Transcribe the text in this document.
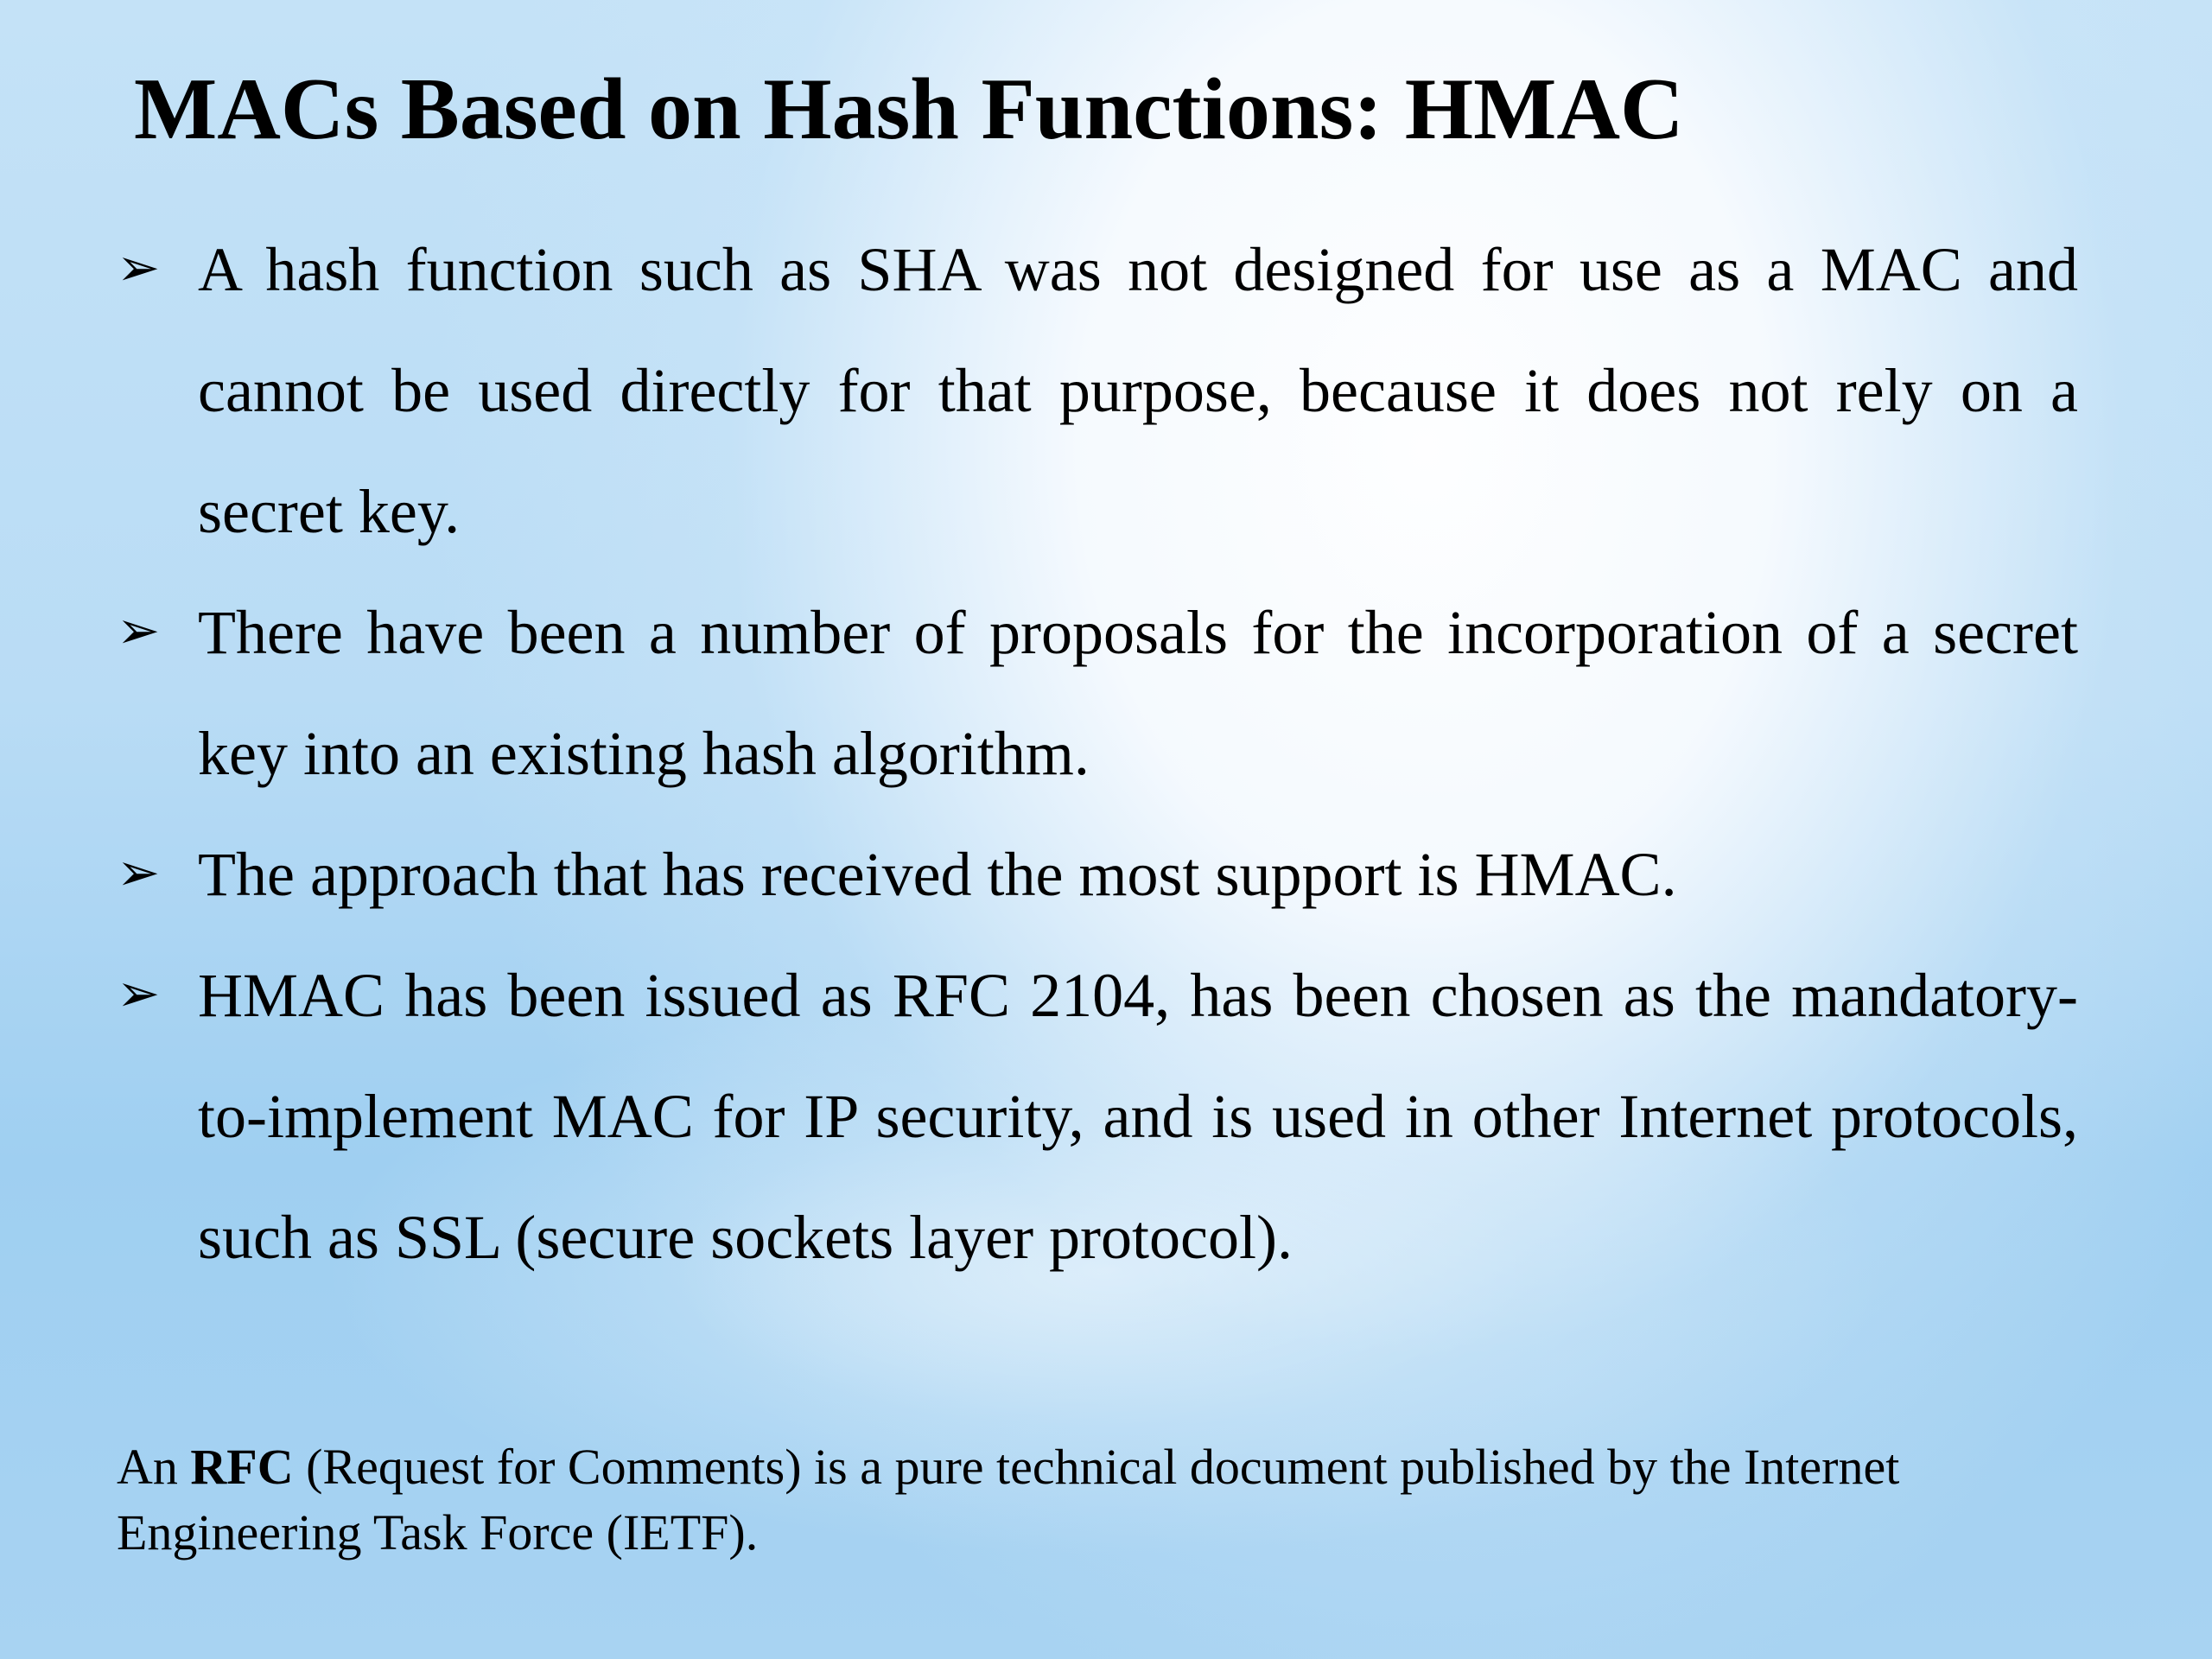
MACs Based on Hash Functions: HMAC
➢ A hash function such as SHA was not designed for use as a MAC and cannot be used directly for that purpose, because it does not rely on a secret key.
➢ There have been a number of proposals for the incorporation of a secret key into an existing hash algorithm.
➢ The approach that has received the most support is HMAC.
➢ HMAC has been issued as RFC 2104, has been chosen as the mandatory-to-implement MAC for IP security, and is used in other Internet protocols, such as SSL (secure sockets layer protocol).

An RFC (Request for Comments) is a pure technical document published by the Internet Engineering Task Force (IETF).
